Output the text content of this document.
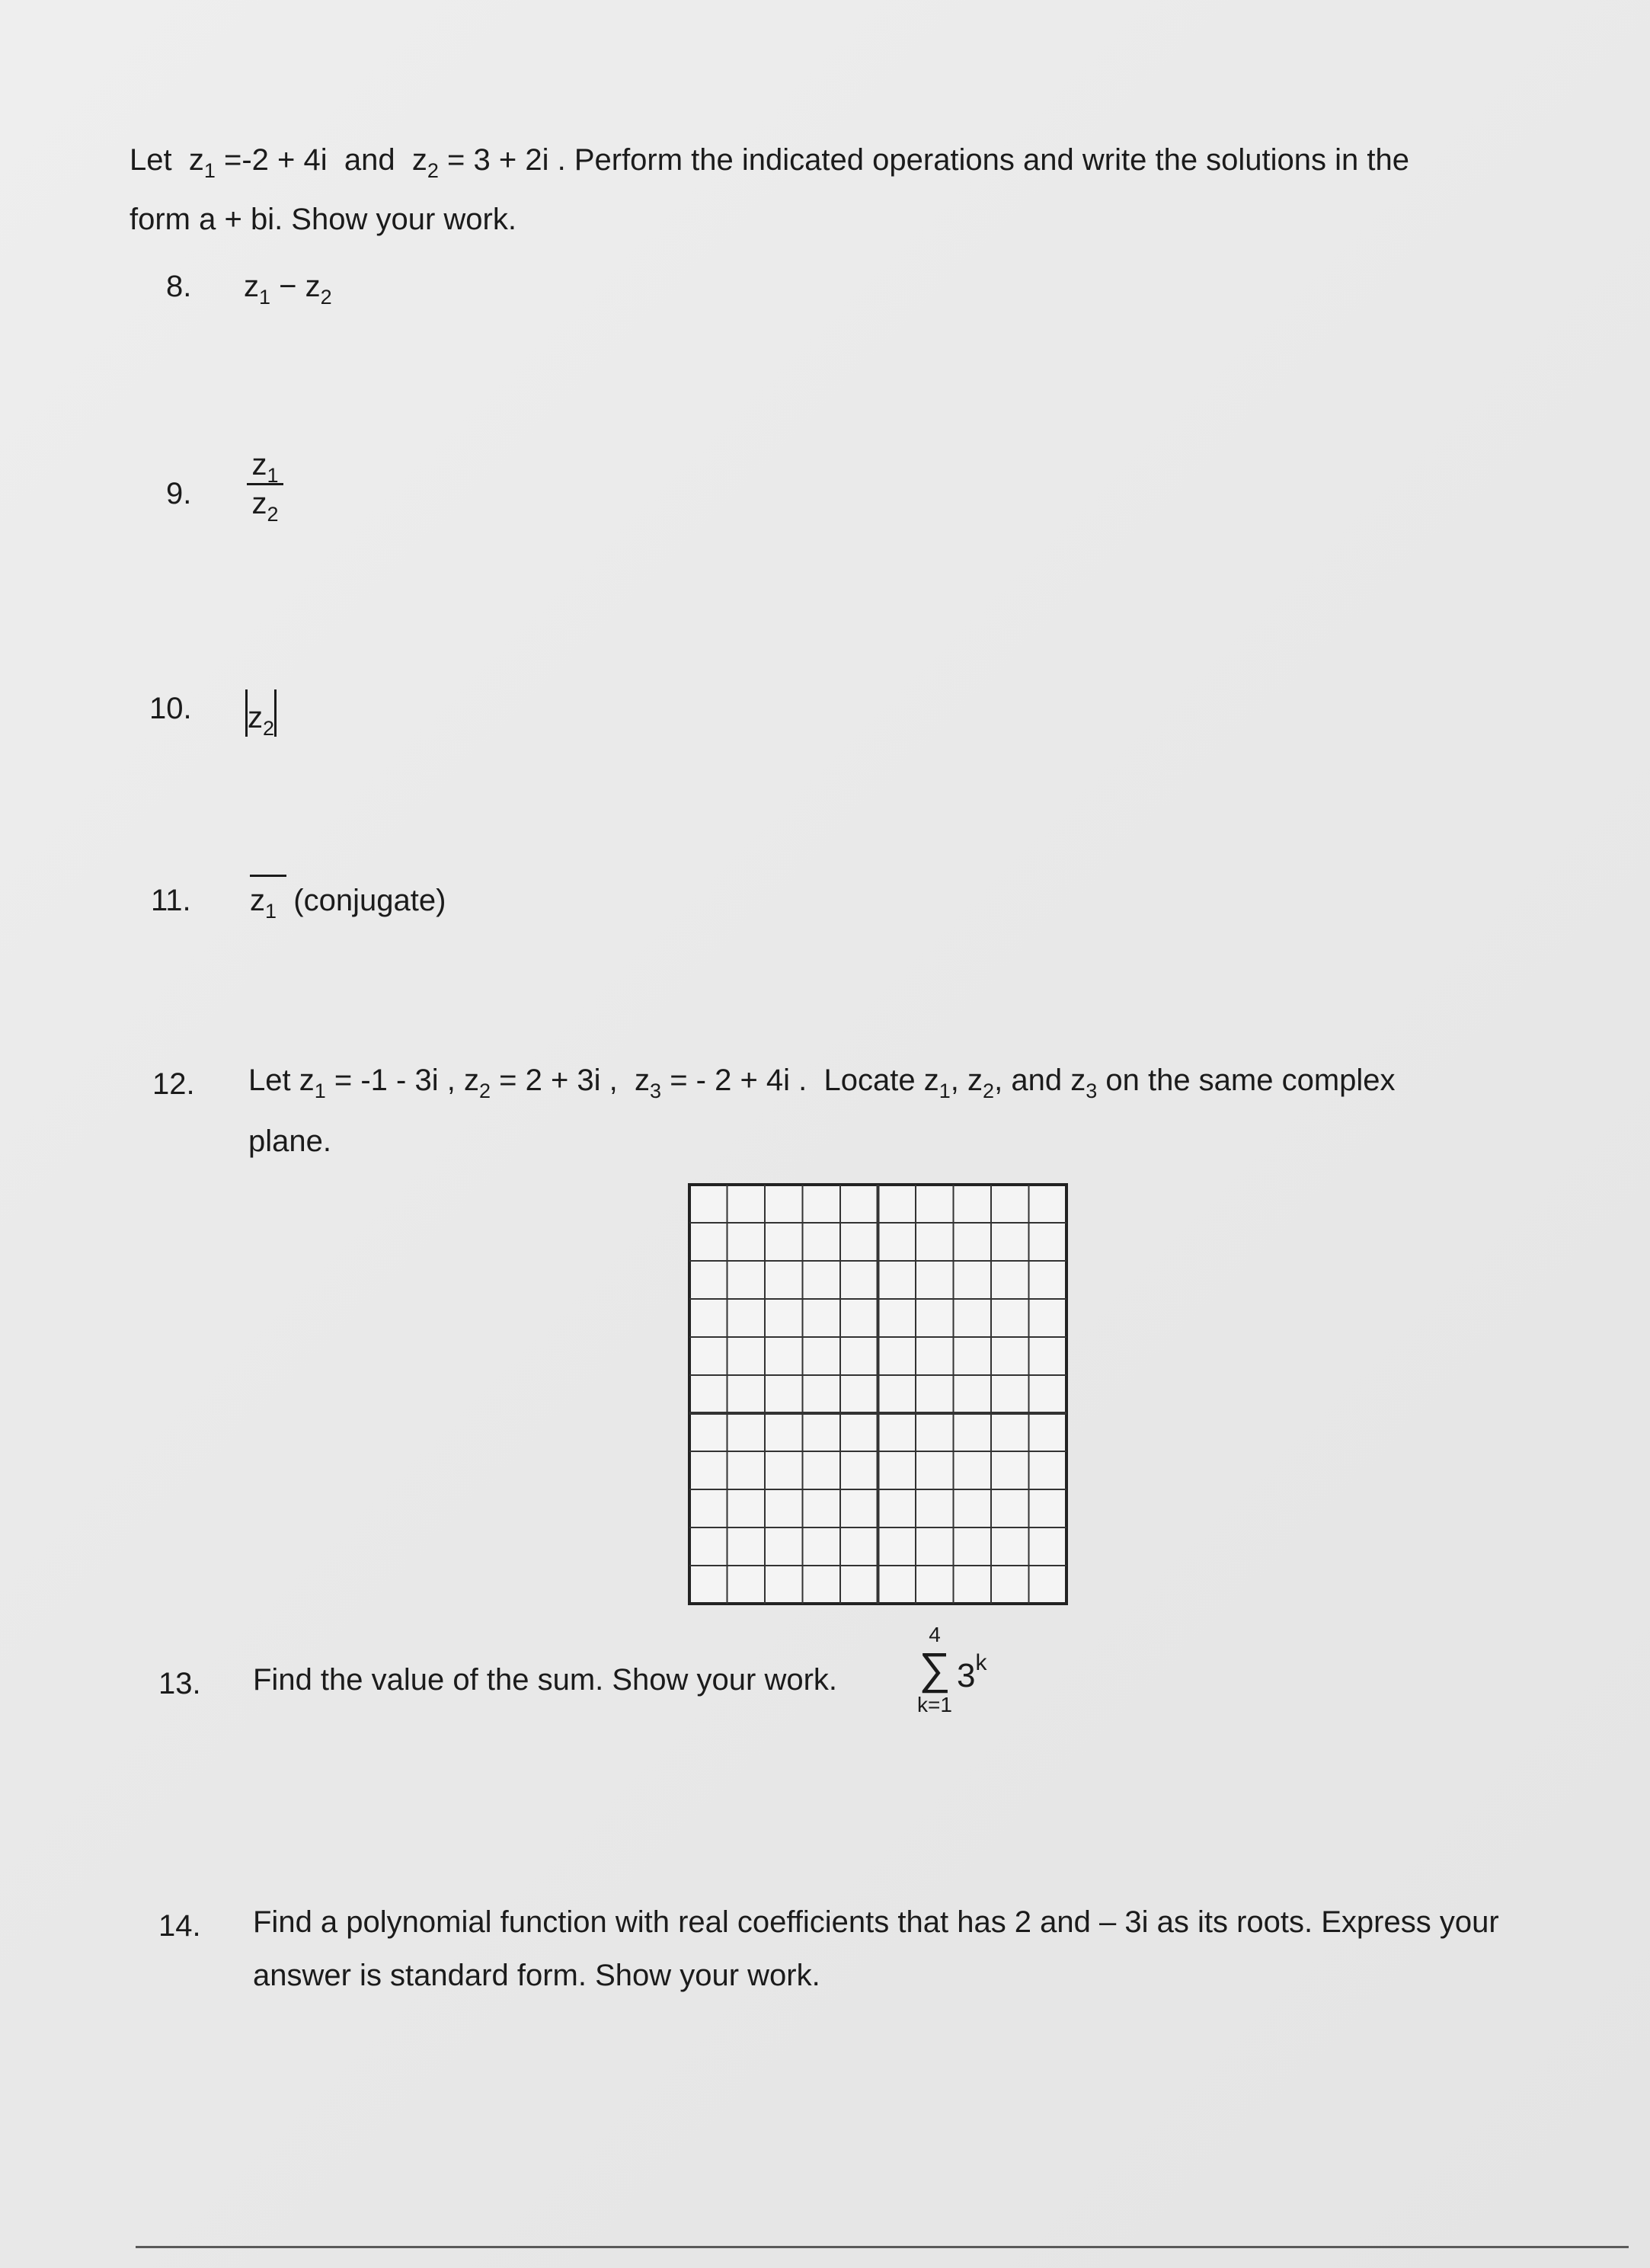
Let $z_1 =-2 + 4i$ and $z_2 = 3 + 2i$ . Perform the indicated operations and write the solutions in the
form a + bi. Show your work.
8. $z_1 - z_2$
9.
$z_1$
$z_2$
10. $z_2$
11. $z_1$ (conjugate)
12. Let $z_1 = -1 - 3i$ , $z_2 = 2 + 3i$ , $z_3$ = - 2 + 4i . Locate $z_1$, $z_2$, and $z_3$ on the same complex
plane.
13. Find the value of the sum. Show your work.
4
∑
k=1
3$^k$
14. Find a polynomial function with real coefficients that has 2 and – 3i as its roots. Express your
answer is standard form. Show your work.
